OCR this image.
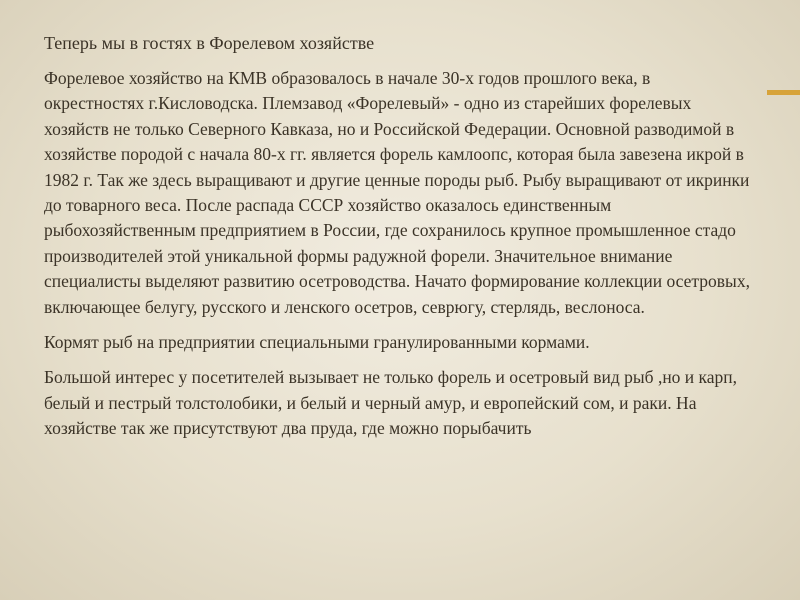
Теперь мы в гостях в Форелевом хозяйстве

Форелевое хозяйство на КМВ образовалось в начале 30-х годов прошлого века, в окрестностях г.Кисловодска. Племзавод «Форелевый» - одно из старейших форелевых хозяйств не только Северного Кавказа, но и Российской Федерации. Основной разводимой в хозяйстве породой с начала 80-х гг. является форель камлоопс, которая была завезена икрой в 1982 г. Так же здесь выращивают и другие ценные породы рыб. Рыбу выращивают от икринки до товарного веса. После распада СССР хозяйство оказалось единственным рыбохозяйственным предприятием в России, где сохранилось крупное промышленное стадо производителей этой уникальной формы радужной форели. Значительное внимание специалисты выделяют развитию осетроводства. Начато формирование коллекции осетровых, включающее белугу, русского и ленского осетров, севрюгу, стерлядь, веслоноса.

Кормят рыб на предприятии специальными гранулированными кормами.

Большой интерес у посетителей вызывает не только форель и осетровый вид рыб ,но и карп, белый и пестрый толстолобики, и белый и черный амур, и европейский сом, и раки. На хозяйстве так же присутствуют два пруда, где можно порыбачить
